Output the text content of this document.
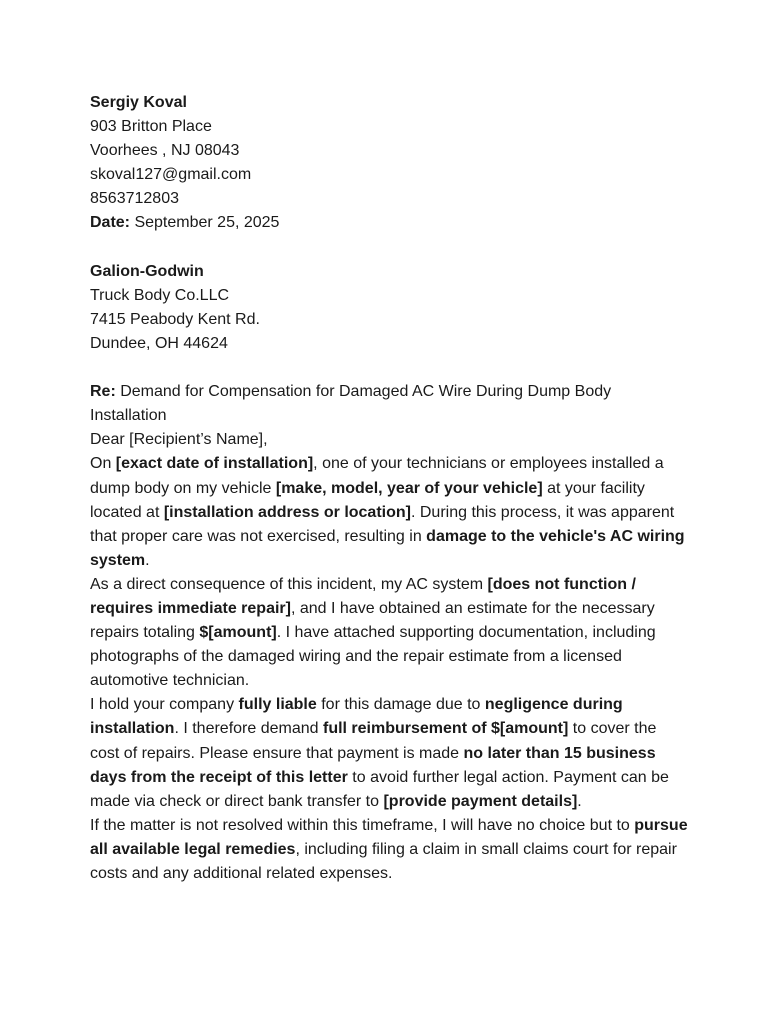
Sergiy Koval
903 Britton Place
Voorhees , NJ 08043
skoval127@gmail.com
8563712803
Date: September 25, 2025
Galion-Godwin
Truck Body Co.LLC
7415 Peabody Kent Rd.
Dundee, OH 44624
Re: Demand for Compensation for Damaged AC Wire During Dump Body Installation
Dear [Recipient’s Name],
On [exact date of installation], one of your technicians or employees installed a dump body on my vehicle [make, model, year of your vehicle] at your facility located at [installation address or location]. During this process, it was apparent that proper care was not exercised, resulting in damage to the vehicle's AC wiring system.
As a direct consequence of this incident, my AC system [does not function / requires immediate repair], and I have obtained an estimate for the necessary repairs totaling $[amount]. I have attached supporting documentation, including photographs of the damaged wiring and the repair estimate from a licensed automotive technician.
I hold your company fully liable for this damage due to negligence during installation. I therefore demand full reimbursement of $[amount] to cover the cost of repairs. Please ensure that payment is made no later than 15 business days from the receipt of this letter to avoid further legal action. Payment can be made via check or direct bank transfer to [provide payment details].
If the matter is not resolved within this timeframe, I will have no choice but to pursue all available legal remedies, including filing a claim in small claims court for repair costs and any additional related expenses.
